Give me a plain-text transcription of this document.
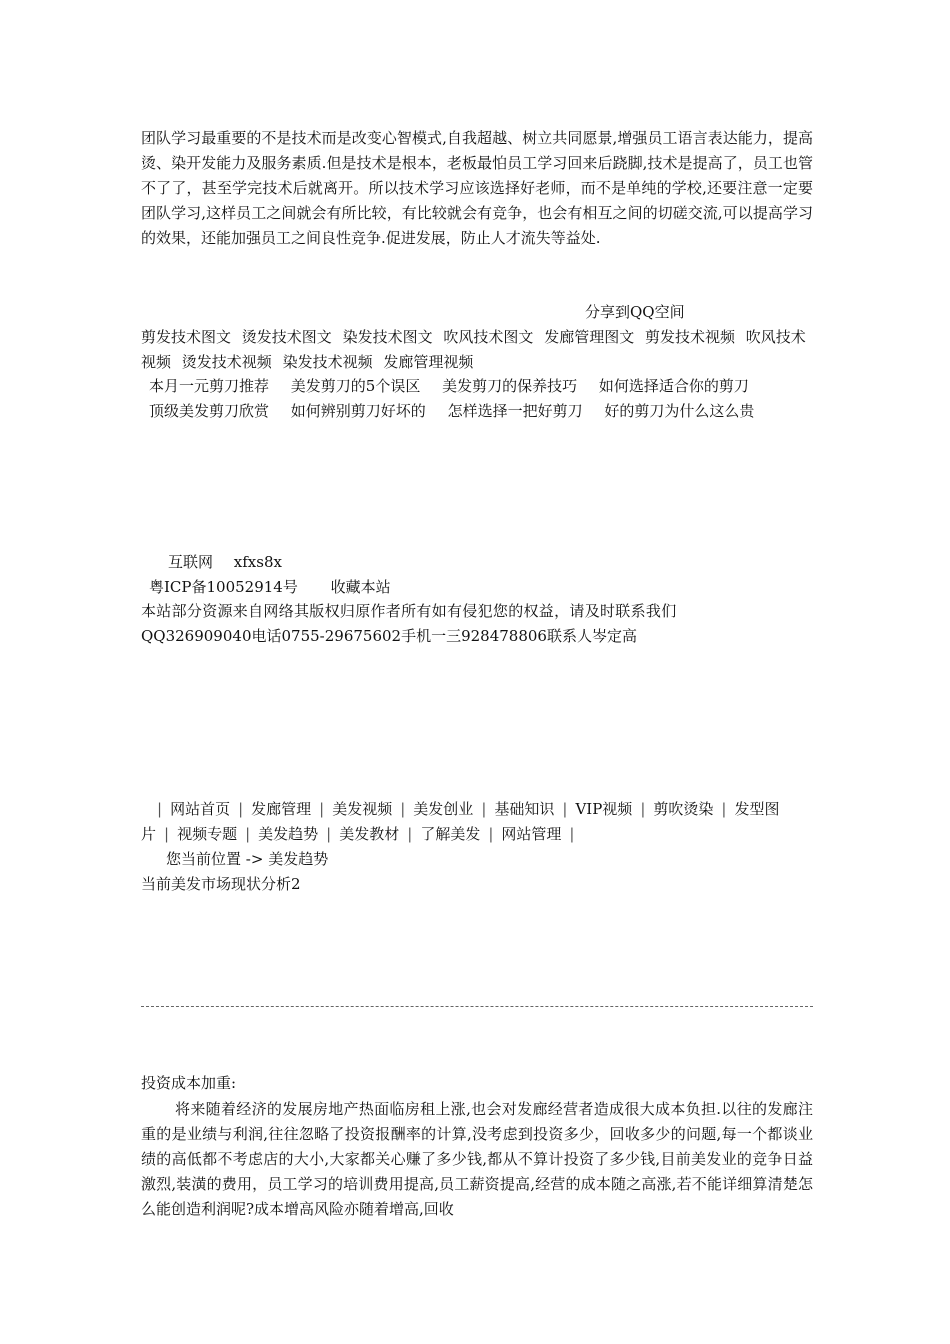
团队学习最重要的不是技术而是改变心智模式,自我超越、树立共同愿景,增强员工语言表达能力，提高烫、染开发能力及服务素质.但是技术是根本，老板最怕员工学习回来后跷脚,技术是提高了，员工也管不了了，甚至学完技术后就离开。所以技术学习应该选择好老师，而不是单纯的学校,还要注意一定要团队学习,这样员工之间就会有所比较，有比较就会有竞争，也会有相互之间的切磋交流,可以提高学习的效果，还能加强员工之间良性竞争.促进发展，防止人才流失等益处.
分享到QQ空间
剪发技术图文 烫发技术图文 染发技术图文 吹风技术图文 发廊管理图文 剪发技术视频 吹风技术视频 烫发技术视频 染发技术视频 发廊管理视频
本月一元剪刀推荐 美发剪刀的5个误区 美发剪刀的保养技巧 如何选择适合你的剪刀
顶级美发剪刀欣赏 如何辨别剪刀好坏的 怎样选择一把好剪刀 好的剪刀为什么这么贵
互联网 xfxs8x
粤ICP备10052914号 收藏本站
本站部分资源来自网络其版权归原作者所有如有侵犯您的权益，请及时联系我们
QQ326909040电话0755-29675602手机一三928478806联系人岑定高
| 网站首页 | 发廊管理 | 美发视频 | 美发创业 | 基础知识 | VIP视频 | 剪吹烫染 | 发型图片 | 视频专题 | 美发趋势 | 美发教材 | 了解美发 | 网站管理 |
您当前位置 -> 美发趋势
当前美发市场现状分析2
投资成本加重:
将来随着经济的发展房地产热面临房租上涨,也会对发廊经营者造成很大成本负担.以往的发廊注重的是业绩与利润,往往忽略了投资报酬率的计算,没考虑到投资多少，回收多少的问题,每一个都谈业绩的高低都不考虑店的大小,大家都关心赚了多少钱,都从不算计投资了多少钱,目前美发业的竞争日益激烈,装潢的费用，员工学习的培训费用提高,员工薪资提高,经营的成本随之高涨,若不能详细算清楚怎么能创造利润呢?成本增高风险亦随着增高,回收
